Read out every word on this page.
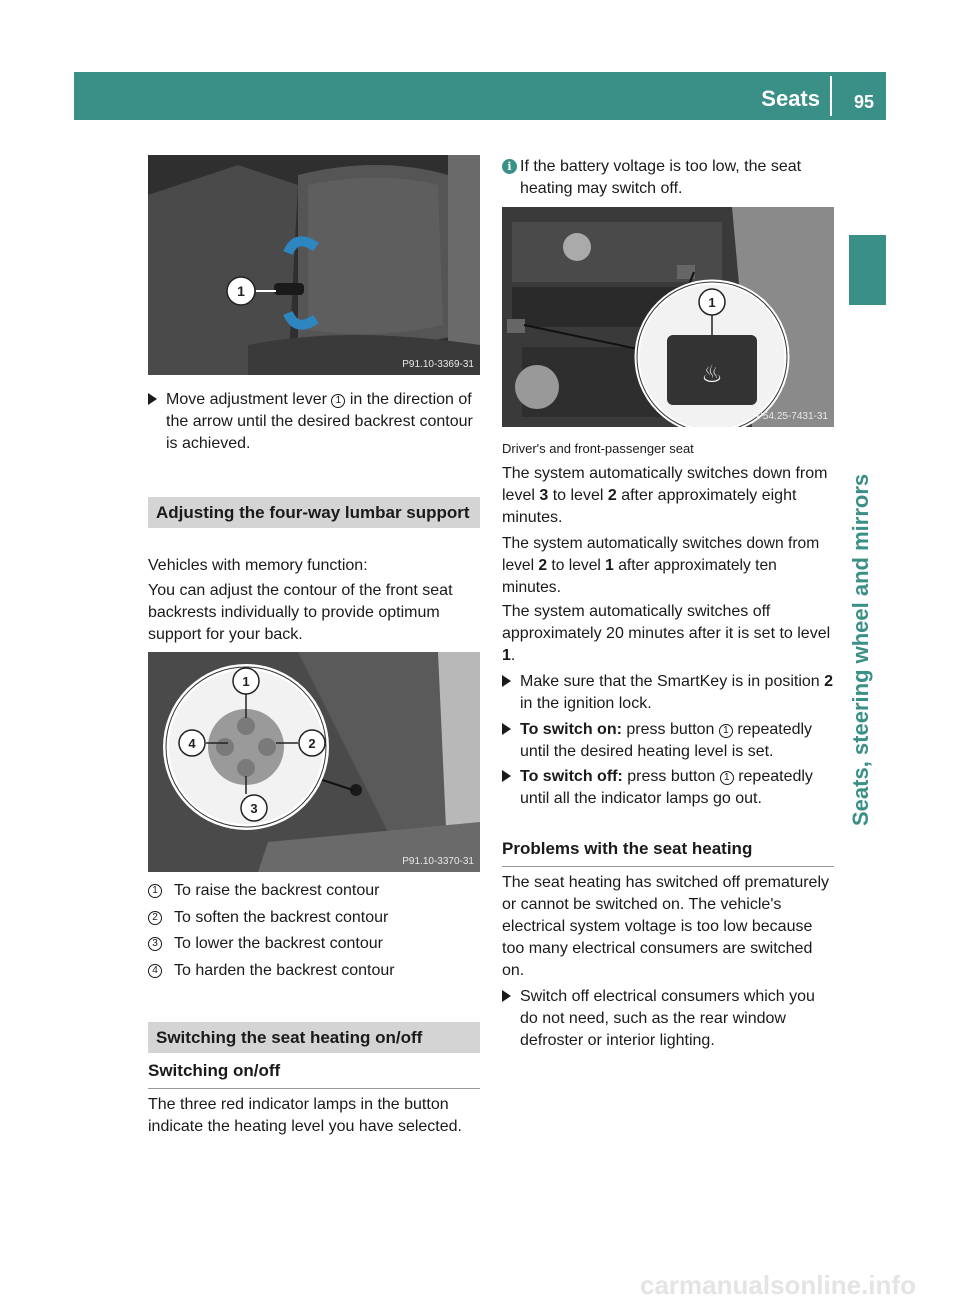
Seats 95
Seats, steering wheel and mirrors
1
P91.10-3369-31
Move adjustment lever 1 in the direction of the arrow until the desired backrest contour is achieved.
Adjusting the four-way lumbar support
Vehicles with memory function:
You can adjust the contour of the front seat backrests individually to provide optimum support for your back.
1
2
3
4
P91.10-3370-31
1 To raise the backrest contour
2 To soften the backrest contour
3 To lower the backrest contour
4 To harden the backrest contour
Switching the seat heating on/off
Switching on/off
The three red indicator lamps in the button indicate the heating level you have selected.
i If the battery voltage is too low, the seat heating may switch off.
♨
1
P54.25-7431-31
Driver's and front-passenger seat
The system automatically switches down from level 3 to level 2 after approximately eight minutes.
The system automatically switches down from level 2 to level 1 after approximately ten minutes.
The system automatically switches off approximately 20 minutes after it is set to level 1.
Make sure that the SmartKey is in position 2 in the ignition lock.
To switch on: press button 1 repeatedly until the desired heating level is set.
To switch off: press button 1 repeatedly until all the indicator lamps go out.
Problems with the seat heating
The seat heating has switched off prematurely or cannot be switched on. The vehicle's electrical system voltage is too low because too many electrical consumers are switched on.
Switch off electrical consumers which you do not need, such as the rear window defroster or interior lighting.
carmanualsonline.info
